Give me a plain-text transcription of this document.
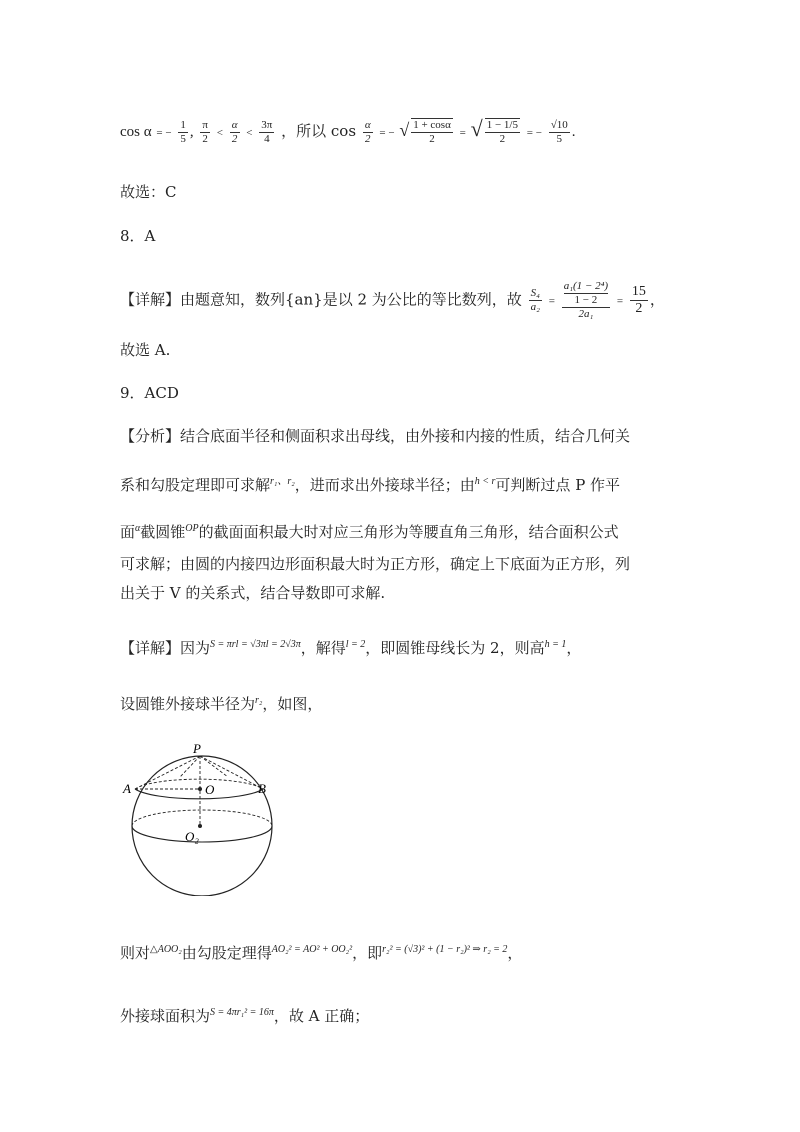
cos α = − $\frac{1}{5}$ , $\frac{\pi}{2} < \frac{\alpha}{2} < \frac{3\pi}{4}$ ，所以 $\cos \frac{\alpha}{2}$ = − √ $\frac{1 + \cos\alpha}{2}$ = √ $\frac{1 - 1/5}{2}$ = − $\frac{√10}{5}$ .
故选：C
8．A
【详解】由题意知，数列{an}是以 2 为公比的等比数列，故 $\frac{\text{S₄}}{\text{a₂}} = a_1(1 - 2^4)$
1 − 2
$2a_1 = \frac{15}{2}$ ，
故选 A.
9．ACD
【分析】结合底面半径和侧面积求出母线，由外接和内接的性质，结合几何关
系和勾股定理即可求解$^{r_1、r_2}$，进而求出外接球半径；由$^{h < r}$可判断过点 P 作平
面$^\alpha$截圆锥$^{OP}$的截面面积最大时对应三角形为等腰直角三角形，结合面积公式
可求解；由圆的内接四边形面积最大时为正方形，确定上下底面为正方形，列
出关于 V 的关系式，结合导数即可求解.
【详解】因为$^{S = \pi rl = √3\pi l = 2√3\pi}$，解得$^{l = 2}$，即圆锥母线长为 2，则高$^{h = 1}$，
设圆锥外接球半径为$^{r_2}$，如图，
P
A	B
O
O₂
则对$^{\triangle AOO_2}$由勾股定理得$^{AO_2^2 = AO^2 + OO_2^2}$，即$^{r_2^2 = (√3)^2 + (1 - r_2)^2 \Rightarrow r_2 = 2}$，
外接球面积为$^{S = 4\pi r_1^2 = 16\pi}$，故 A 正确；
